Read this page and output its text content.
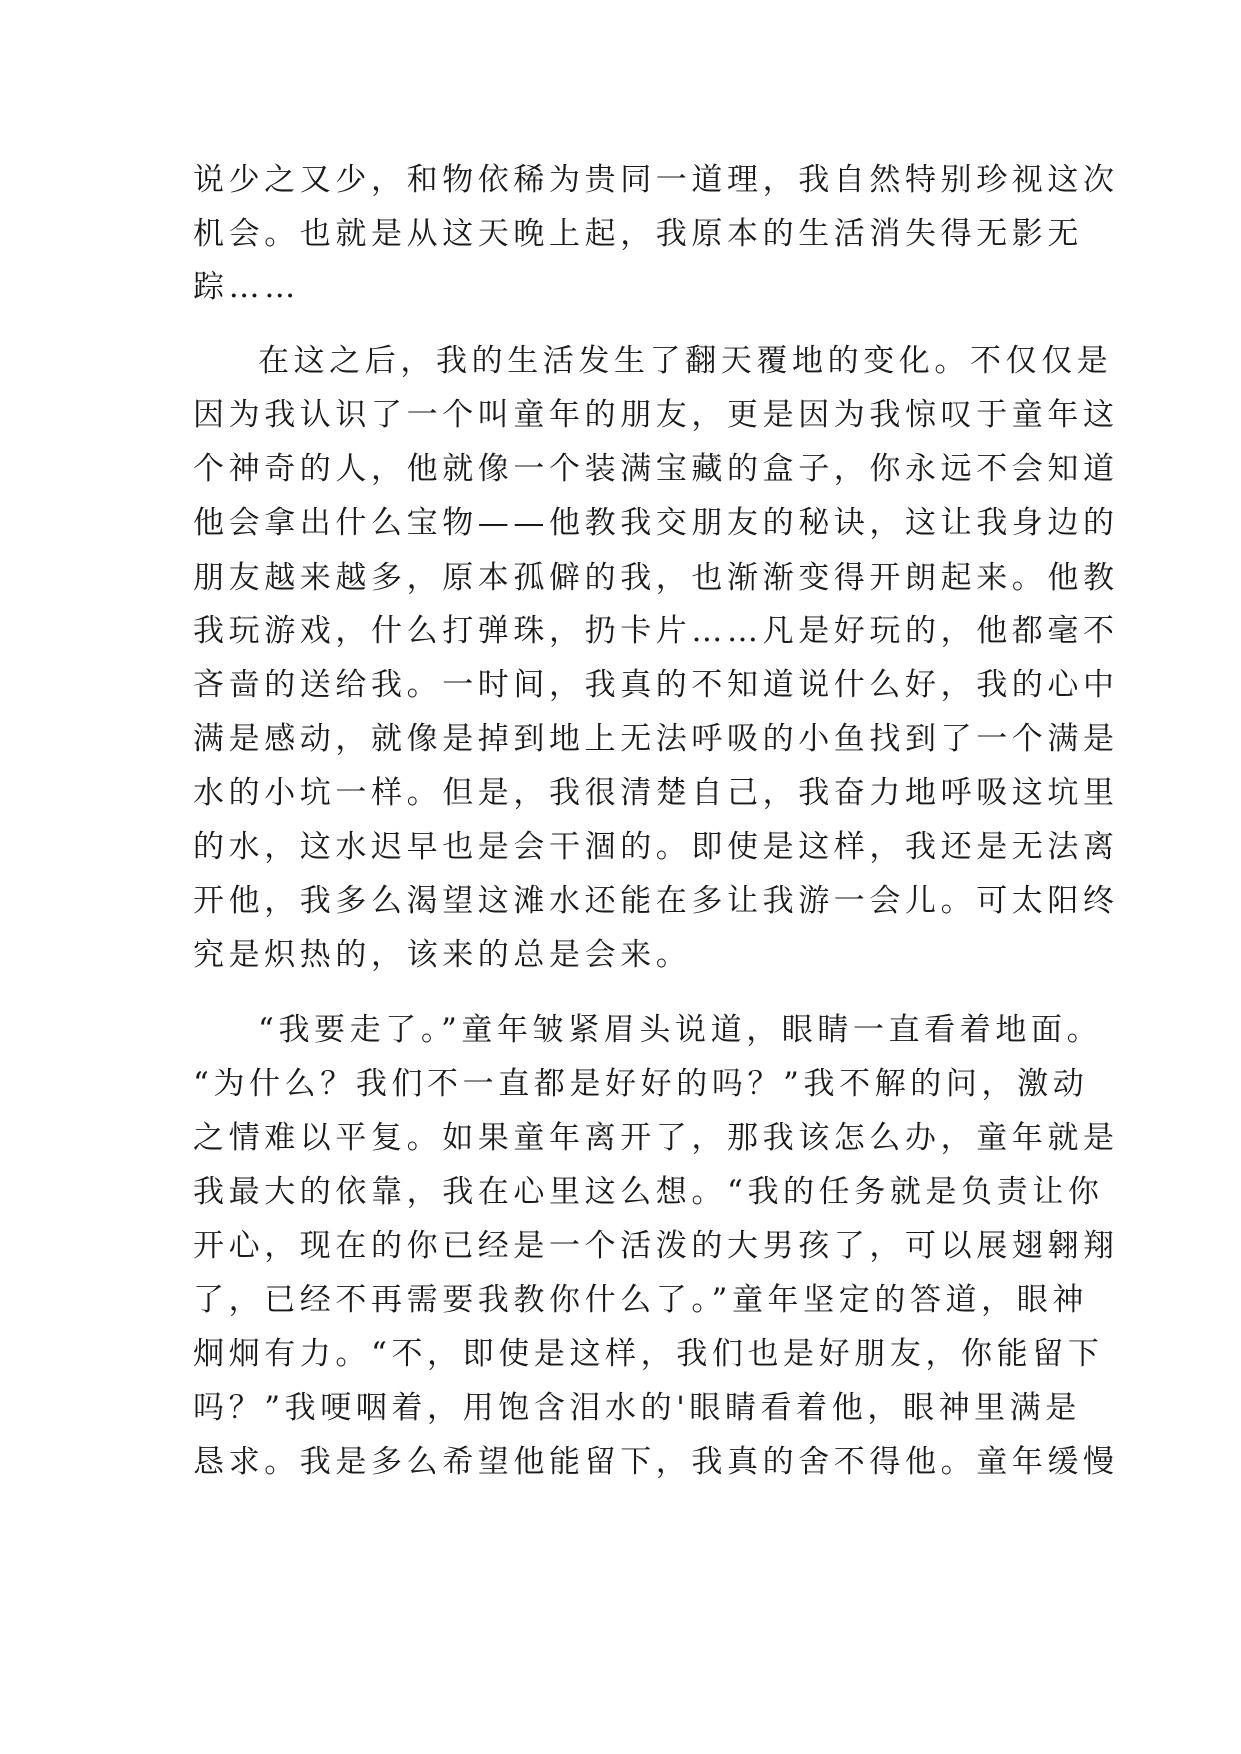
说少之又少，和物依稀为贵同一道理，我自然特别珍视这次
机会。也就是从这天晚上起，我原本的生活消失得无影无
踪……
在这之后，我的生活发生了翻天覆地的变化。不仅仅是
因为我认识了一个叫童年的朋友，更是因为我惊叹于童年这
个神奇的人，他就像一个装满宝藏的盒子，你永远不会知道
他会拿出什么宝物——他教我交朋友的秘诀，这让我身边的
朋友越来越多，原本孤僻的我，也渐渐变得开朗起来。他教
我玩游戏，什么打弹珠，扔卡片……凡是好玩的，他都毫不
吝啬的送给我。一时间，我真的不知道说什么好，我的心中
满是感动，就像是掉到地上无法呼吸的小鱼找到了一个满是
水的小坑一样。但是，我很清楚自己，我奋力地呼吸这坑里
的水，这水迟早也是会干涸的。即使是这样，我还是无法离
开他，我多么渴望这滩水还能在多让我游一会儿。可太阳终
究是炽热的，该来的总是会来。
“我要走了。”童年皱紧眉头说道，眼睛一直看着地面。
“为什么？我们不一直都是好好的吗？”我不解的问，激动
之情难以平复。如果童年离开了，那我该怎么办，童年就是
我最大的依靠，我在心里这么想。“我的任务就是负责让你
开心，现在的你已经是一个活泼的大男孩了，可以展翅翱翔
了，已经不再需要我教你什么了。”童年坚定的答道，眼神
炯炯有力。“不，即使是这样，我们也是好朋友，你能留下
吗？”我哽咽着，用饱含泪水的'眼睛看着他，眼神里满是
恳求。我是多么希望他能留下，我真的舍不得他。童年缓慢
